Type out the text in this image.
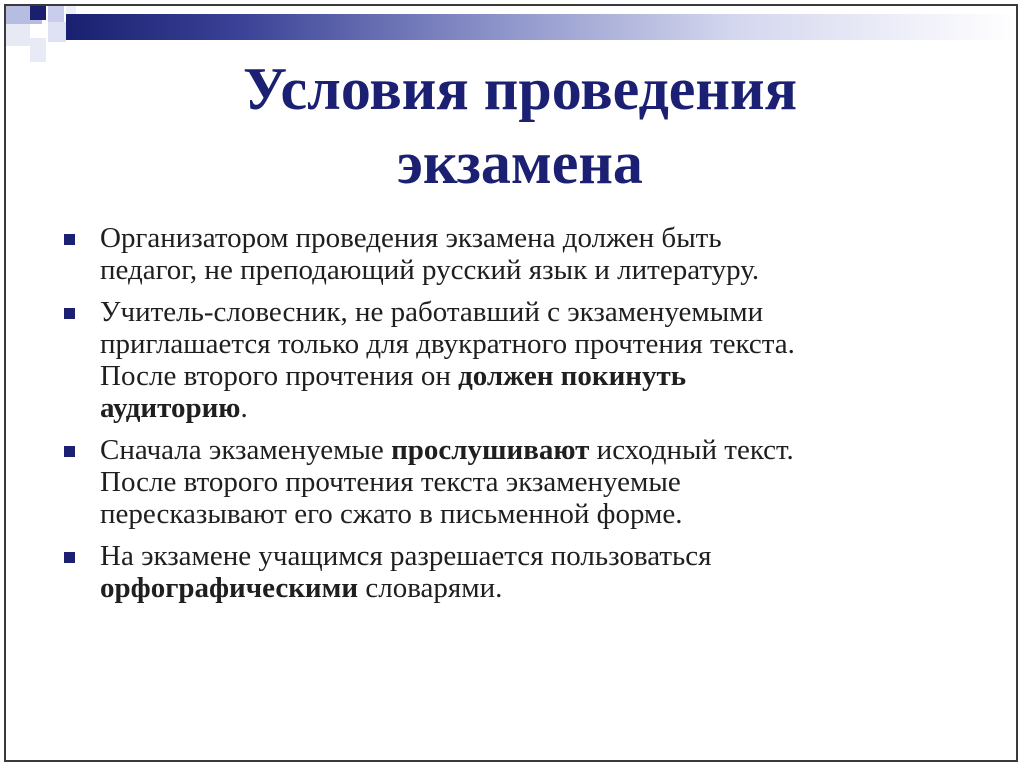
Условия проведения
экзамена
Организатором проведения экзамена должен быть
педагог, не преподающий русский язык и литературу.
Учитель-словесник, не работавший с экзаменуемыми
приглашается только для двукратного прочтения текста.
После второго прочтения он должен покинуть
аудиторию.
Сначала экзаменуемые прослушивают исходный текст.
После второго прочтения текста экзаменуемые
пересказывают его сжато в письменной форме.
На экзамене учащимся разрешается пользоваться
орфографическими словарями.
